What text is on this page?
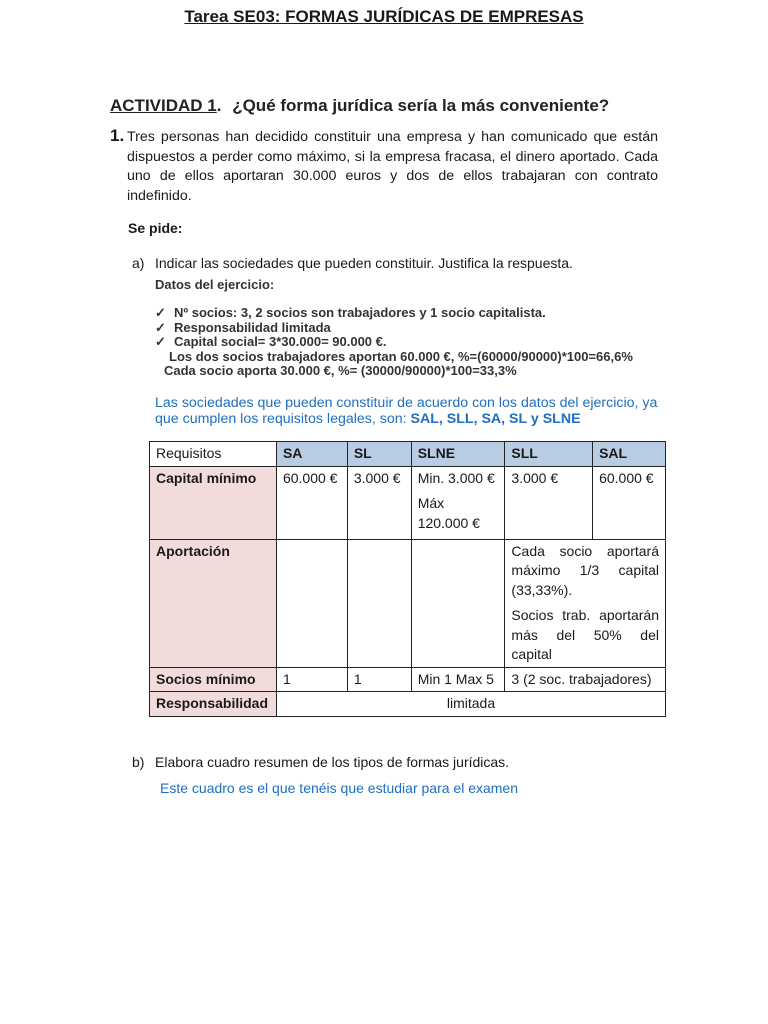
Tarea SE03: FORMAS JURÍDICAS DE EMPRESAS
ACTIVIDAD 1. ¿Qué forma jurídica sería la más conveniente?
1. Tres personas han decidido constituir una empresa y han comunicado que están dispuestos a perder como máximo, si la empresa fracasa, el dinero aportado. Cada uno de ellos aportaran 30.000 euros y dos de ellos trabajaran con contrato indefinido.
Se pide:
a) Indicar las sociedades que pueden constituir. Justifica la respuesta.
Datos del ejercicio:
✓ Nº socios: 3, 2 socios son trabajadores y 1 socio capitalista.
✓ Responsabilidad limitada
✓ Capital social= 3*30.000= 90.000 €.
Los dos socios trabajadores aportan 60.000 €, %=(60000/90000)*100=66,6%
Cada socio aporta 30.000 €, %= (30000/90000)*100=33,3%
Las sociedades que pueden constituir de acuerdo con los datos del ejercicio, ya que cumplen los requisitos legales, son: SAL, SLL, SA, SL y SLNE
Requisitos	SA	SL	SLNE	SLL	SAL
Capital mínimo	60.000 €	3.000 €	Min. 3.000 €
Máx
120.000 €	3.000 €	60.000 €
Aportación				Cada socio aportará máximo 1/3 capital (33,33%).
Socios trab. aportarán más del 50% del capital	

Socios mínimo	1	1	Min 1 Max 5	3 (2 soc. trabajadores)	
Responsabilidad	limitada				
b) Elabora cuadro resumen de los tipos de formas jurídicas.
Este cuadro es el que tenéis que estudiar para el examen
